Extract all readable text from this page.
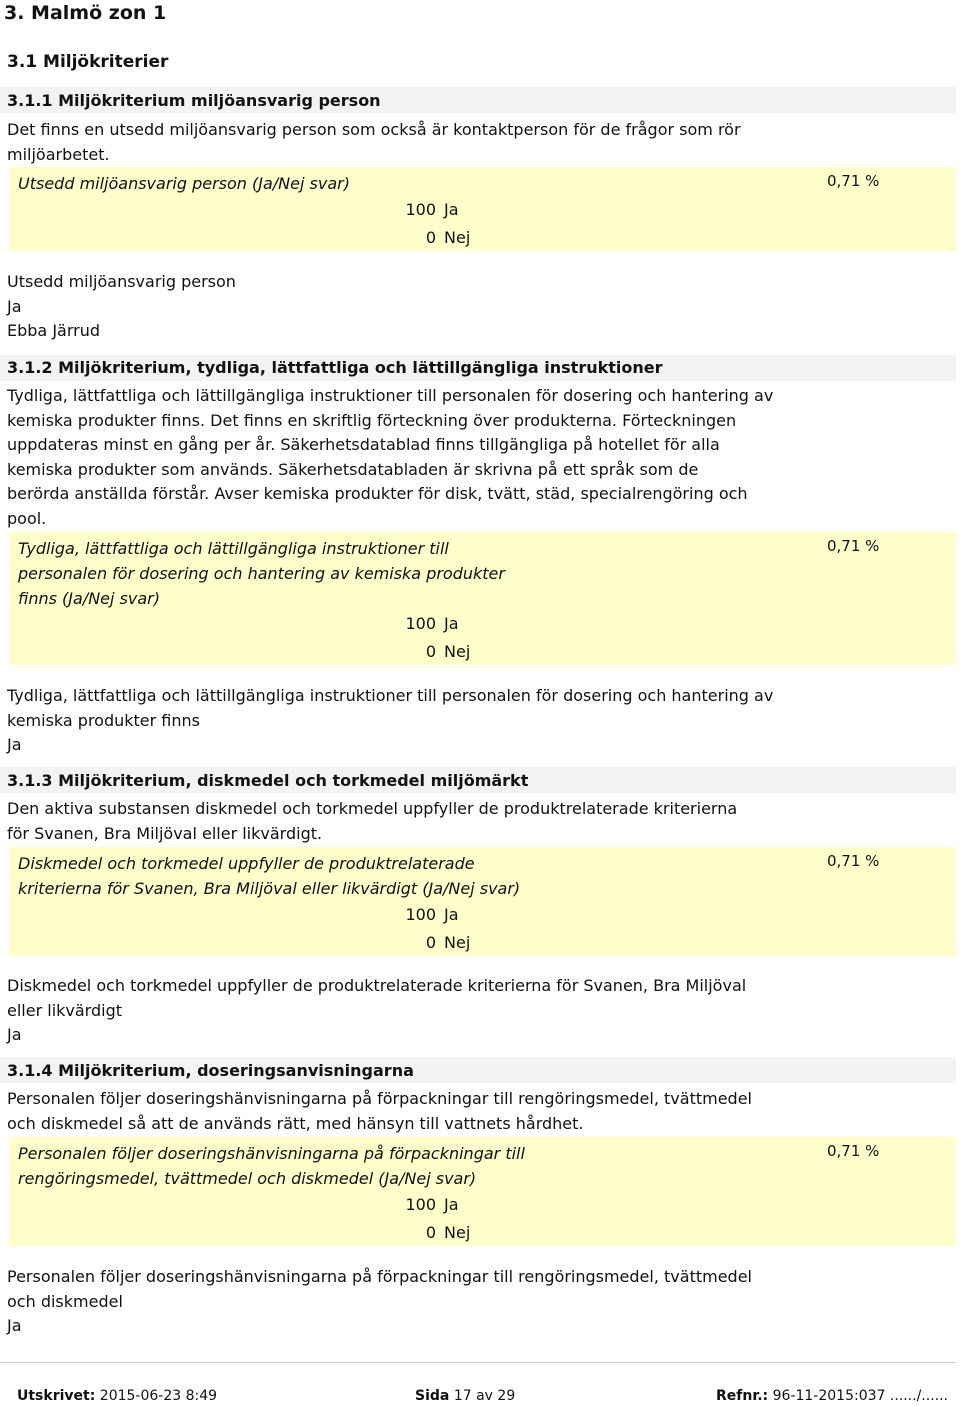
3. Malmö zon 1
3.1 Miljökriterier
3.1.1 Miljökriterium miljöansvarig person
Det finns en utsedd miljöansvarig person som också är kontaktperson för de frågor som rör
miljöarbetet.
Utsedd miljöansvarig person (Ja/Nej svar)	0,71 %
100 Ja
0 Nej
Utsedd miljöansvarig person
Ja
Ebba Järrud
3.1.2 Miljökriterium, tydliga, lättfattliga och lättillgängliga instruktioner
Tydliga, lättfattliga och lättillgängliga instruktioner till personalen för dosering och hantering av
kemiska produkter finns. Det finns en skriftlig förteckning över produkterna. Förteckningen
uppdateras minst en gång per år. Säkerhetsdatablad finns tillgängliga på hotellet för alla
kemiska produkter som används. Säkerhetsdatabladen är skrivna på ett språk som de
berörda anställda förstår. Avser kemiska produkter för disk, tvätt, städ, specialrengöring och
pool.
Tydliga, lättfattliga och lättillgängliga instruktioner till
personalen för dosering och hantering av kemiska produkter
finns (Ja/Nej svar)
0,71 %
100 Ja
0 Nej
Tydliga, lättfattliga och lättillgängliga instruktioner till personalen för dosering och hantering av
kemiska produkter finns
Ja
3.1.3 Miljökriterium, diskmedel och torkmedel miljömärkt
Den aktiva substansen diskmedel och torkmedel uppfyller de produktrelaterade kriterierna
för Svanen, Bra Miljöval eller likvärdigt.
Diskmedel och torkmedel uppfyller de produktrelaterade
kriterierna för Svanen, Bra Miljöval eller likvärdigt (Ja/Nej svar)
0,71 %
100 Ja
0 Nej
Diskmedel och torkmedel uppfyller de produktrelaterade kriterierna för Svanen, Bra Miljöval
eller likvärdigt
Ja
3.1.4 Miljökriterium, doseringsanvisningarna
Personalen följer doseringshänvisningarna på förpackningar till rengöringsmedel, tvättmedel
och diskmedel så att de används rätt, med hänsyn till vattnets hårdhet.
Personalen följer doseringshänvisningarna på förpackningar till
rengöringsmedel, tvättmedel och diskmedel (Ja/Nej svar)
0,71 %
100 Ja
0 Nej
Personalen följer doseringshänvisningarna på förpackningar till rengöringsmedel, tvättmedel
och diskmedel
Ja
Utskrivet: 2015-06-23 8:49	Sida 17 av 29	Refnr.: 96-11-2015:037 ....../......
